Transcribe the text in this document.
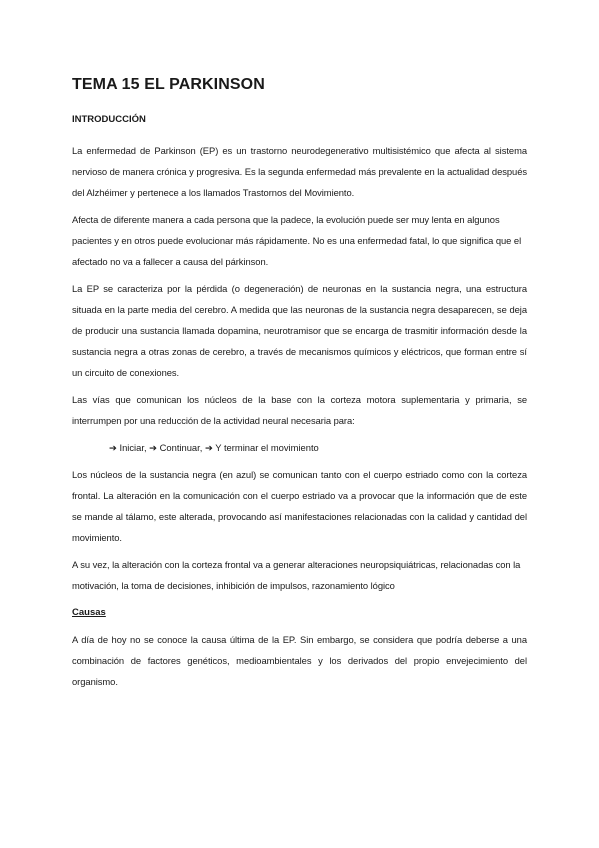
TEMA 15 EL PARKINSON
INTRODUCCIÓN

La enfermedad de Parkinson (EP) es un trastorno neurodegenerativo multisistémico que afecta al sistema nervioso de manera crónica y progresiva. Es la segunda enfermedad más prevalente en la actualidad después del Alzhéimer y pertenece a los llamados Trastornos del Movimiento.

Afecta de diferente manera a cada persona que la padece, la evolución puede ser muy lenta en algunos pacientes y en otros puede evolucionar más rápidamente. No es una enfermedad fatal, lo que significa que el afectado no va a fallecer a causa del párkinson.

La EP se caracteriza por la pérdida (o degeneración) de neuronas en la sustancia negra, una estructura situada en la parte media del cerebro. A medida que las neuronas de la sustancia negra desaparecen, se deja de producir una sustancia llamada dopamina, neurotramisor que se encarga de trasmitir información desde la sustancia negra a otras zonas de cerebro, a través de mecanismos químicos y eléctricos, que forman entre sí un circuito de conexiones.

Las vías que comunican los núcleos de la base con la corteza motora suplementaria y primaria, se interrumpen por una reducción de la actividad neural necesaria para:

➔ Iniciar, ➔ Continuar, ➔ Y terminar el movimiento

Los núcleos de la sustancia negra (en azul) se comunican tanto con el cuerpo estriado como con la corteza frontal. La alteración en la comunicación con el cuerpo estriado va a provocar que la información que de este se mande al tálamo, este alterada, provocando así manifestaciones relacionadas con la calidad y cantidad del movimiento.

A su vez, la alteración con la corteza frontal va a generar alteraciones neuropsiquiátricas, relacionadas con la motivación, la toma de decisiones, inhibición de impulsos, razonamiento lógico

Causas

A día de hoy no se conoce la causa última de la EP. Sin embargo, se considera que podría deberse a una combinación de factores genéticos, medioambientales y los derivados del propio envejecimiento del organismo.
